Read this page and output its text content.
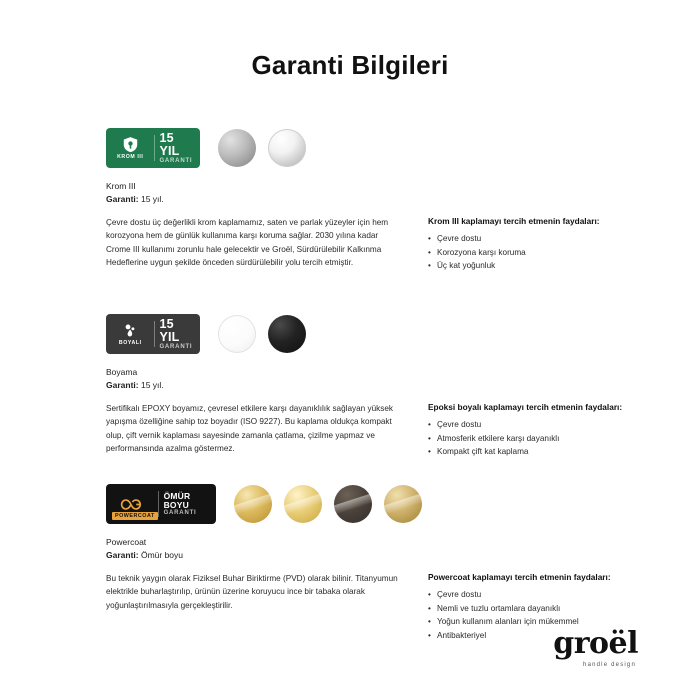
Garanti Bilgileri
KROM III
15 YIL
GARANTI
Krom III
Garanti: 15 yıl.
Çevre dostu üç değerlikli krom kaplamamız, saten ve parlak yüzeyler için hem korozyona hem de günlük kullanıma karşı koruma sağlar. 2030 yılına kadar Crome III kullanımı zorunlu hale gelecektir ve Groël, Sürdürülebilir Kalkınma Hedeflerine uygun şekilde önceden sürdürülebilir yolu tercih etmiştir.
Krom III kaplamayı tercih etmenin faydaları:
• Çevre dostu
• Korozyona karşı koruma
• Üç kat yoğunluk
BOYALI
15 YIL
GARANTI
Boyama
Garanti: 15 yıl.
Sertifikalı EPOXY boyamız, çevresel etkilere karşı dayanıklılık sağlayan yüksek yapışma özelliğine sahip toz boyadır (ISO 9227). Bu kaplama oldukça kompakt olup, çift vernik kaplaması sayesinde zamanla çatlama, çizilme yapmaz ve performansında azalma göstermez.
Epoksi boyalı kaplamayı tercih etmenin faydaları:
• Çevre dostu
• Atmosferik etkilere karşı dayanıklı
• Kompakt çift kat kaplama
POWERCOAT
ÖMÜR BOYU
GARANTI
Powercoat
Garanti: Ömür boyu
Bu teknik yaygın olarak Fiziksel Buhar Biriktirme (PVD) olarak bilinir. Titanyumun elektrikle buharlaştırılıp, ürünün üzerine koruyucu ince bir tabaka olarak yoğunlaştırılmasıyla gerçekleştirilir.
Powercoat kaplamayı tercih etmenin faydaları:
• Çevre dostu
• Nemli ve tuzlu ortamlara dayanıklı
• Yoğun kullanım alanları için mükemmel
• Antibakteriyel	groël
handle design
